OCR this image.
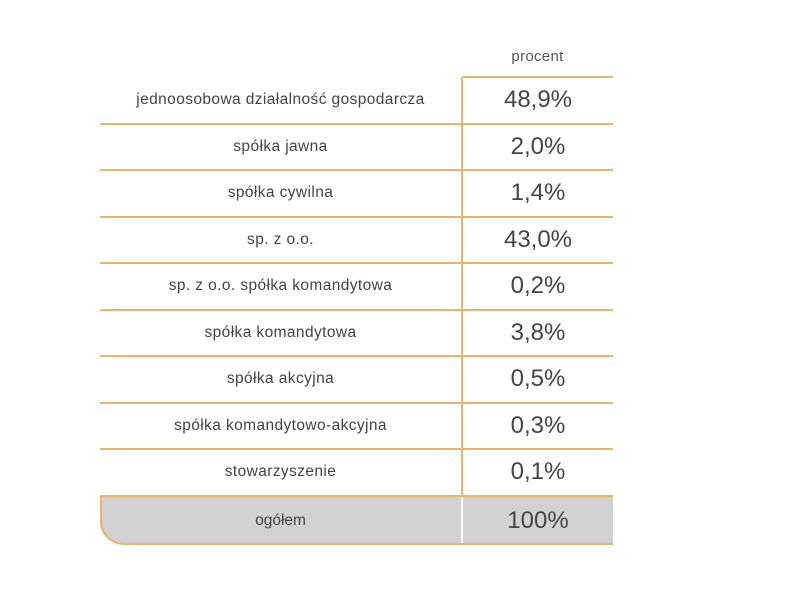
procent
jednoosobowa działalność gospodarcza	48,9%
spółka jawna	2,0%
spółka cywilna	1,4%
sp. z o.o.	43,0%
sp. z o.o. spółka komandytowa	0,2%
spółka komandytowa	3,8%
spółka akcyjna	0,5%
spółka komandytowo-akcyjna	0,3%
stowarzyszenie	0,1%
ogółem	100%
